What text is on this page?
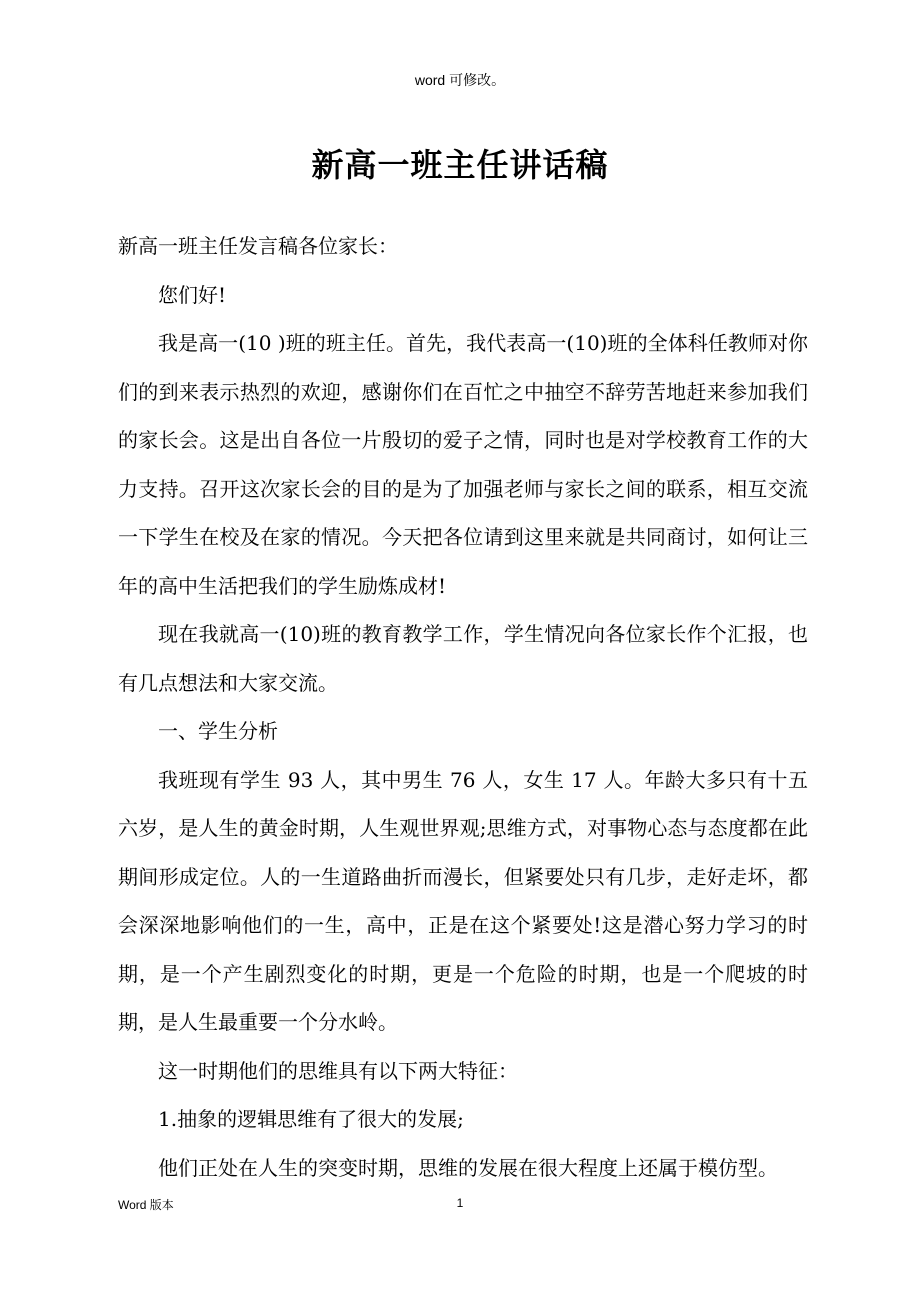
word 可修改。
新高一班主任讲话稿

新高一班主任发言稿各位家长：

您们好!

我是高一(10 )班的班主任。首先，我代表高一(10)班的全体科任教师对你们的到来表示热烈的欢迎，感谢你们在百忙之中抽空不辞劳苦地赶来参加我们的家长会。这是出自各位一片殷切的爱子之情，同时也是对学校教育工作的大力支持。召开这次家长会的目的是为了加强老师与家长之间的联系，相互交流一下学生在校及在家的情况。今天把各位请到这里来就是共同商讨，如何让三年的高中生活把我们的学生励炼成材!

现在我就高一(10)班的教育教学工作，学生情况向各位家长作个汇报，也有几点想法和大家交流。

一、学生分析

我班现有学生 93 人，其中男生 76 人，女生 17 人。年龄大多只有十五六岁，是人生的黄金时期，人生观世界观;思维方式，对事物心态与态度都在此期间形成定位。人的一生道路曲折而漫长，但紧要处只有几步，走好走坏，都会深深地影响他们的一生，高中，正是在这个紧要处!这是潜心努力学习的时期，是一个产生剧烈变化的时期，更是一个危险的时期，也是一个爬坡的时期，是人生最重要一个分水岭。

这一时期他们的思维具有以下两大特征：

1.抽象的逻辑思维有了很大的发展;

他们正处在人生的突变时期，思维的发展在很大程度上还属于模仿型。

Word 版本	1
